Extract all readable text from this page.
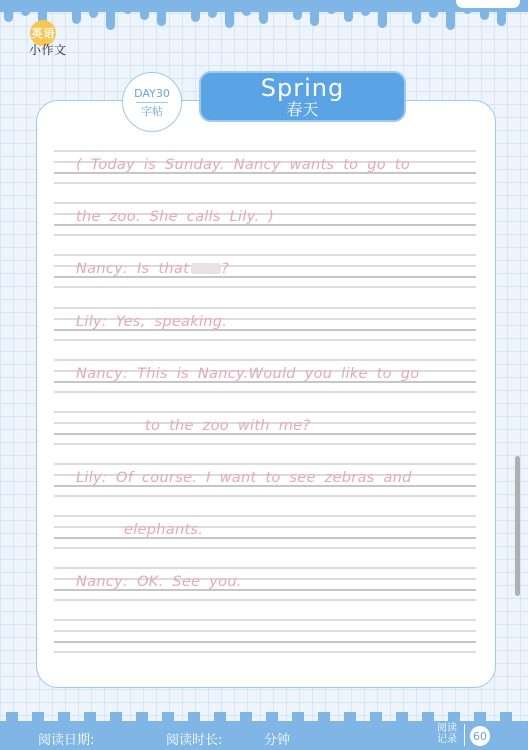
英 语
小作文
DAY30
字帖
Spring
春天
( Today is Sunday. Nancy wants to go to
the zoo. She calls Lily. )
Nancy: Is that ?
Lily: Yes, speaking.
Nancy: This is Nancy.Would you like to go
to the zoo with me?
Lily: Of course. I want to see zebras and
elephants.
Nancy: OK. See you.
阅读日期:	阅读时长:	分钟
阅读
记录 60
